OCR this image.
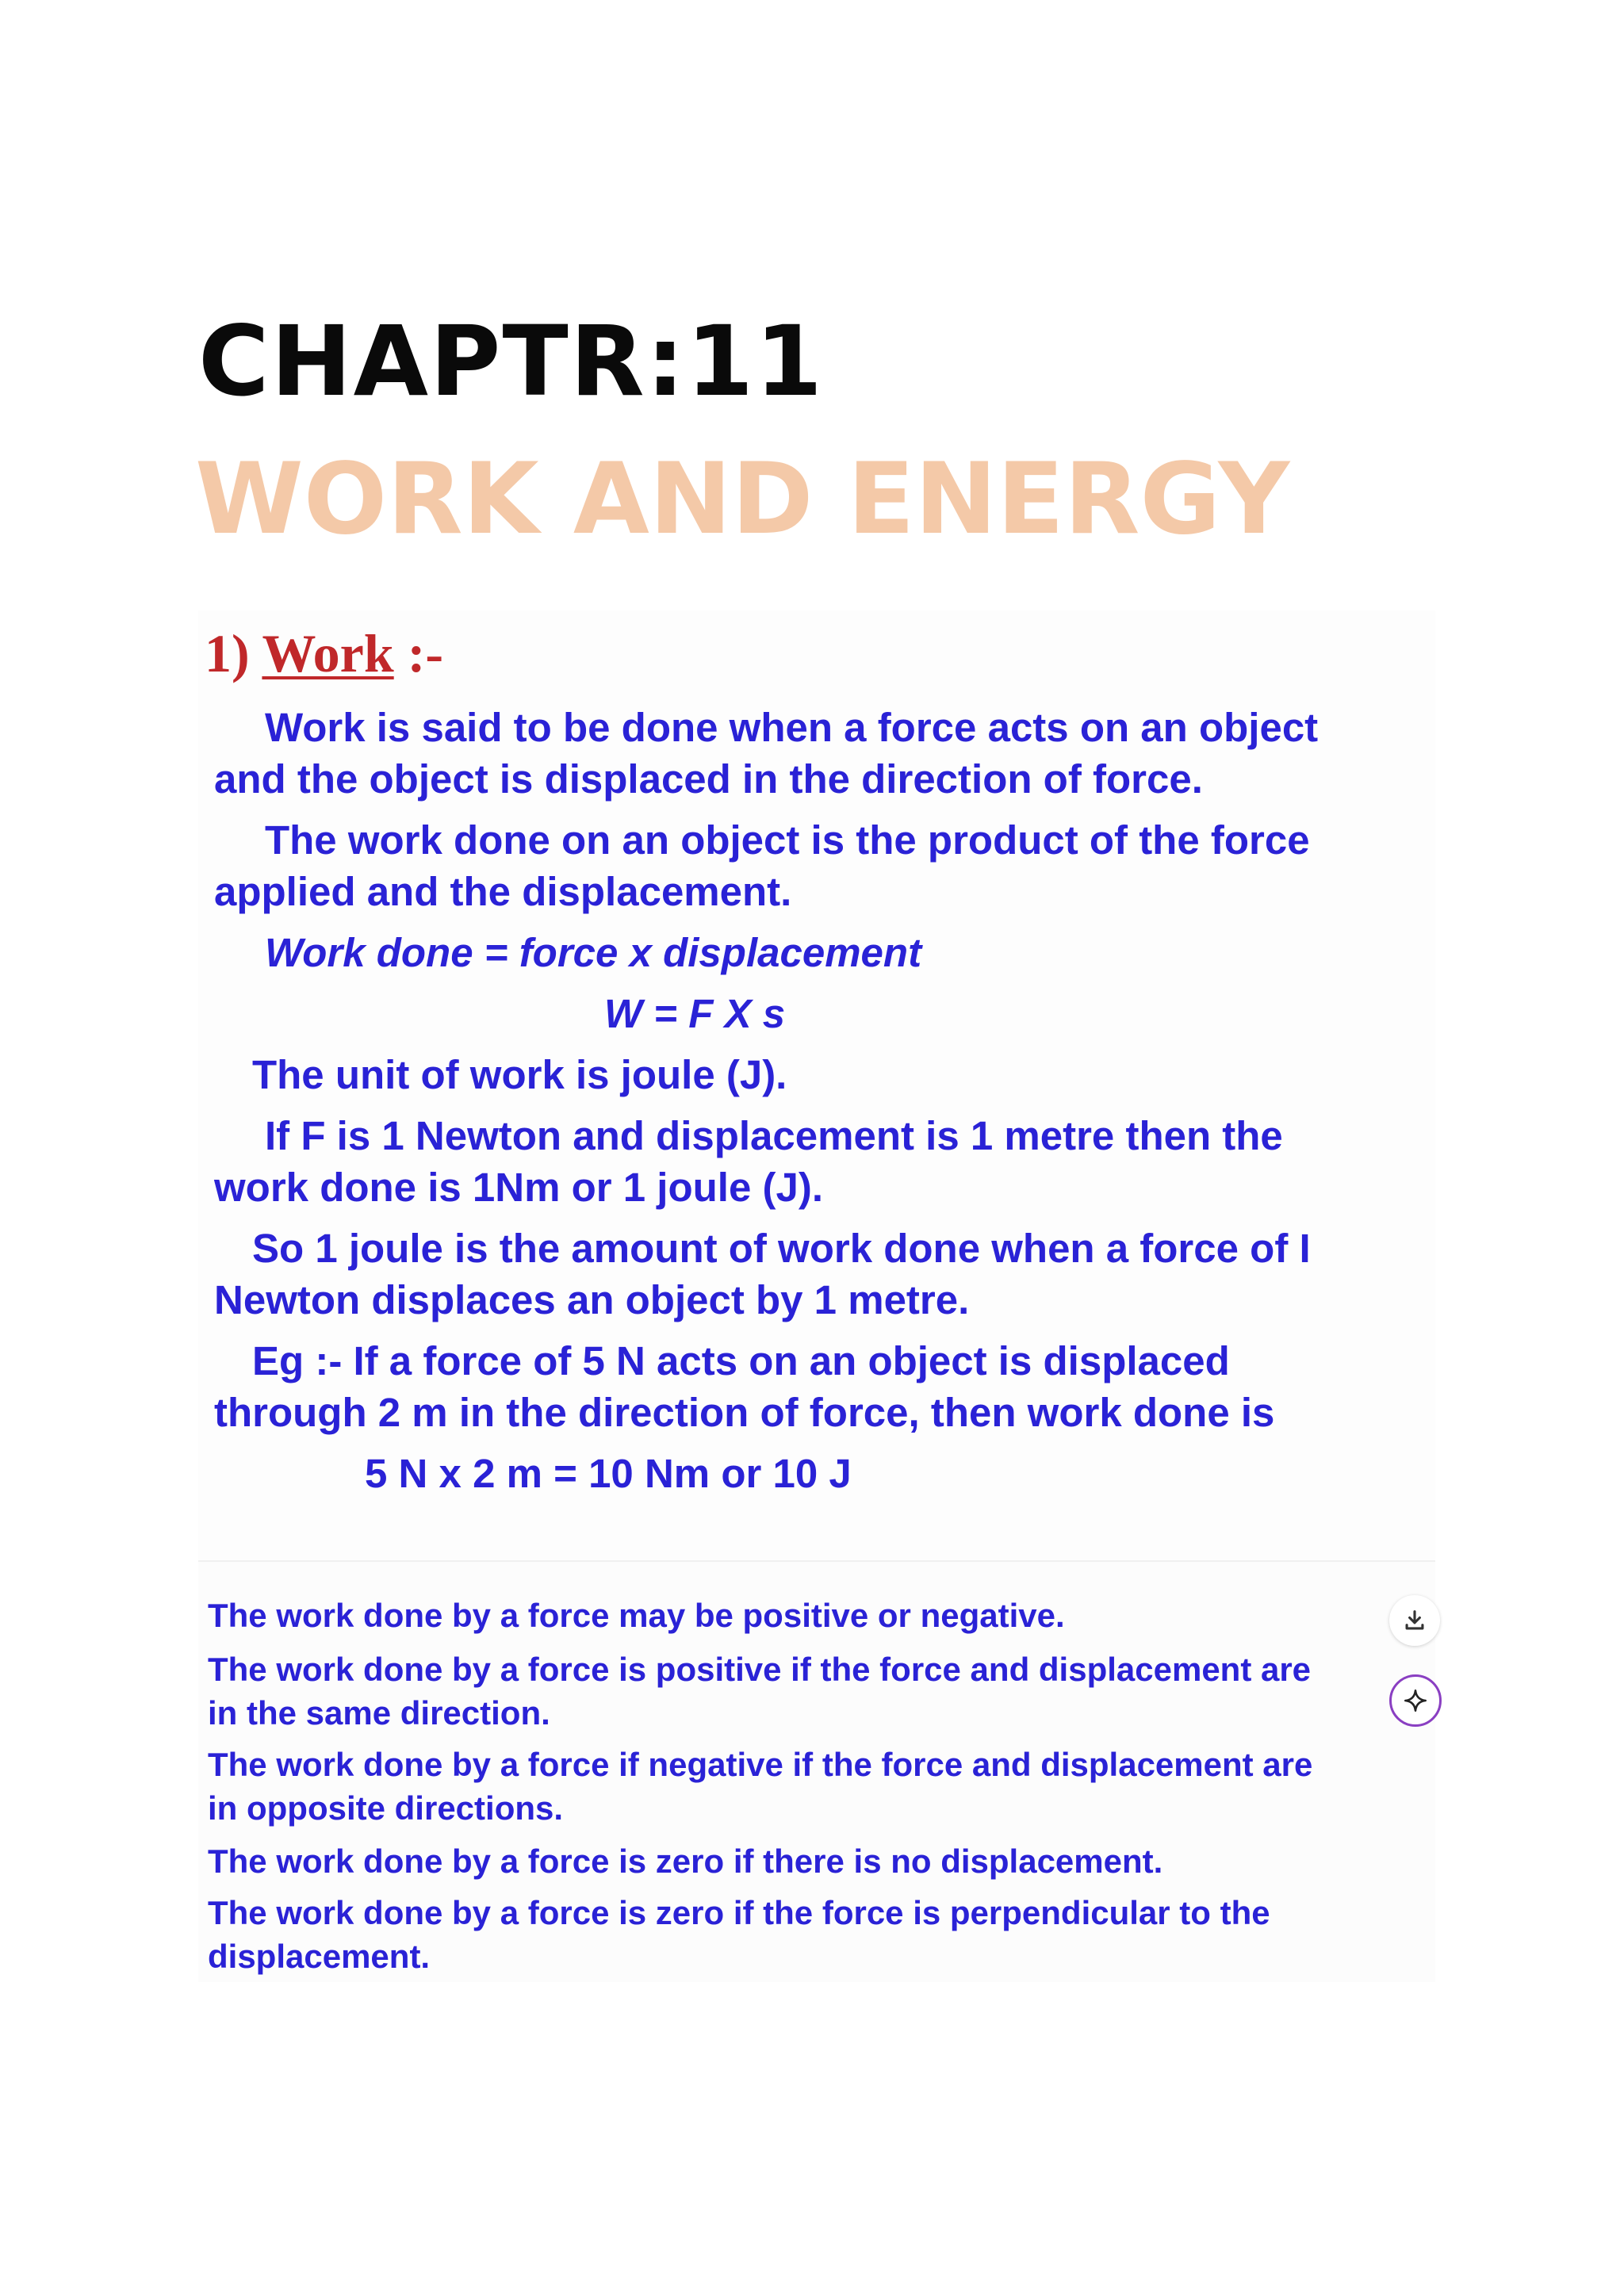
CHAPTR:11
WORK AND ENERGY
1) Work :-

Work is said to be done when a force acts on an object

and the object is displaced in the direction of force.

The work done on an object is the product of the force

applied and the displacement.

Work done = force x displacement

W = F X s

The unit of work is joule (J).

If F is 1 Newton and displacement is 1 metre then the

work done is 1Nm or 1 joule (J).

So 1 joule is the amount of work done when a force of I

Newton displaces an object by 1 metre.

Eg :- If a force of 5 N acts on an object is displaced

through 2 m in the direction of force, then work done is

5 N x 2 m = 10 Nm or 10 J

The work done by a force may be positive or negative.

The work done by a force is positive if the force and displacement are

in the same direction.

The work done by a force if negative if the force and displacement are

in opposite directions.

The work done by a force is zero if there is no displacement.

The work done by a force is zero if the force is perpendicular to the

displacement.
